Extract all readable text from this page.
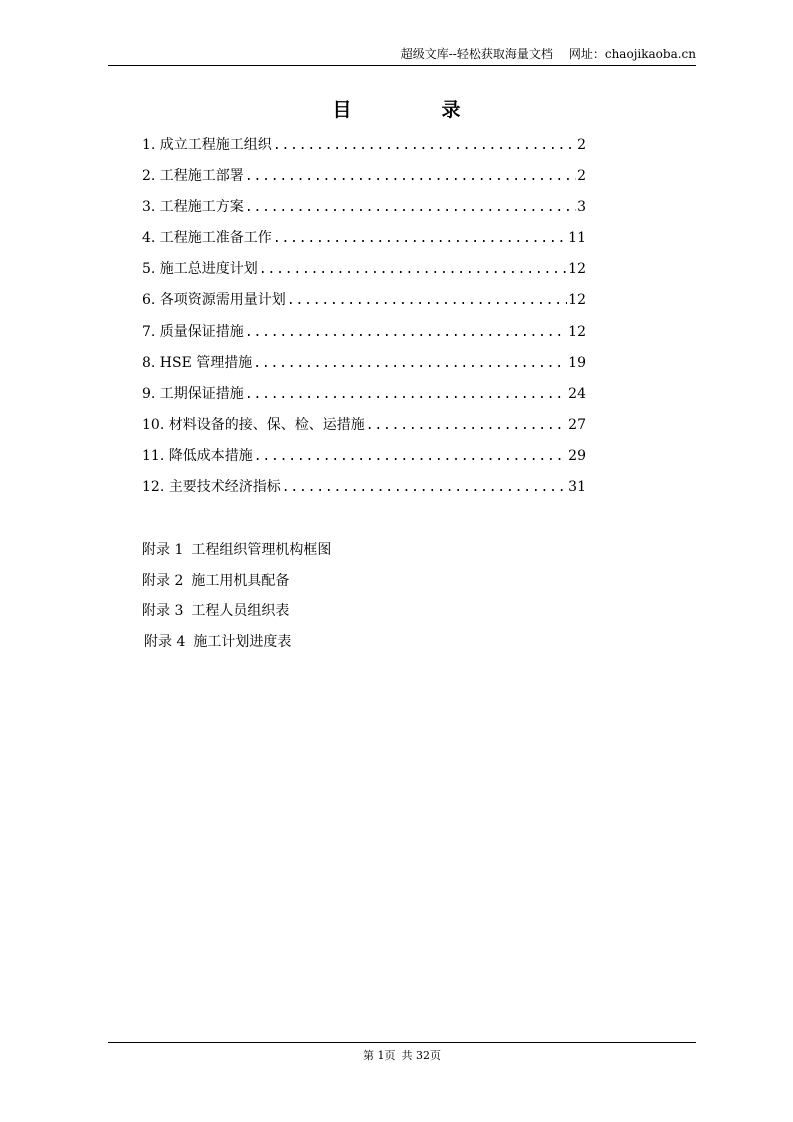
超级文库--轻松获取海量文档 网址：chaojikaoba.cn
目	录
1. 成立工程施工组织 .....	2
2. 工程施工部署 .....	2
3. 工程施工方案 .....	3
4. 工程施工准备工作 .....	11
5. 施工总进度计划 .....	12
6. 各项资源需用量计划 .....	12
7. 质量保证措施 .....	12
8. HSE 管理措施 .....	19
9. 工期保证措施 .....	24
10. 材料设备的接、保、检、运措施 .....	27
11. 降低成本措施 .....	29
12. 主要技术经济指标 .....	31
附录 1 工程组织管理机构框图
附录 2 施工用机具配备
附录 3 工程人员组织表
附录 4 施工计划进度表
第 1页 共 32页
